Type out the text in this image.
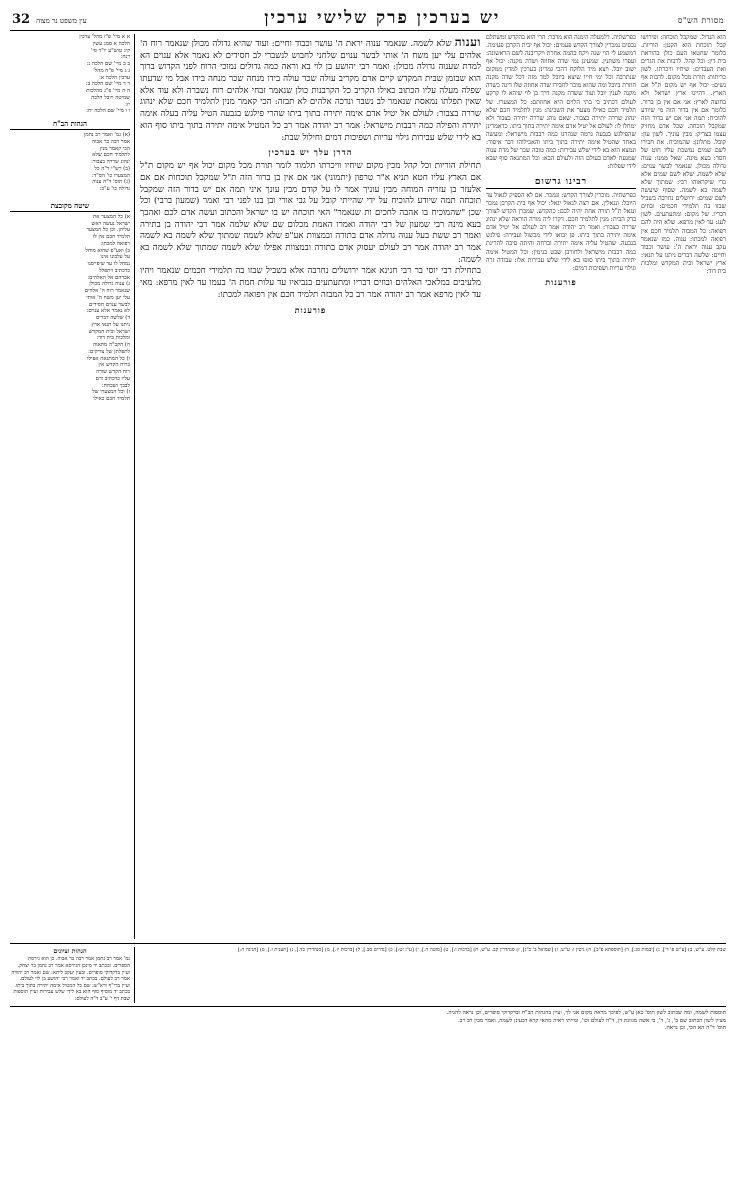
32 עין משפט נר מצוה	יש בערכין פרק שלישי ערכין	מסורת הש"ס
הוא הגדול. שמקבל תוכחה: ופירושו קבל תוכחת הוא הקטן: הוריות. כלומר שחטאו העם כולן בהוראת בית דין: וכל קהל. לרבות את הגרים ואת העבדים: שיחיו וויכרתו. לשון כריתות: תורת מכל מקום. לרבות אף נשים: יכול אף יש מקום ת"ל אם הארץ. דהיינו ארץ ישראל ולא בחוצה לארץ: אני אם אין בן ברור. כלומר אם אין בדור הזה מי שיודע להוכיח: תמה אני אם יש בדור הזה שמקבל תוכחה. שכל אדם מחזיק עצמו בצדיק: מבין עוניך. לשון עון: קובל. מתלונן: שהמוכיח. את חבירו לשם שמים נמשכת עליו חוט של חסד: בעא מינה. שאל ממנו: ענוה גדולה מכולן. שנאמר לבשר ענוים: שלא לשמה. שלא לשם שמים אלא כדי שיקראוהו רבי: שמתוך שלא לשמה בא לשמה. שסוף שיעשה לשם שמים: ירושלים נחרבה בשביל שבזו בה תלמידי חכמים: ובוזים דבריו. של מקום: ומתעתעים. לשון לעג: עד לאין מרפא. שלא היה להם רפואה: כל המבזה תלמיד חכם אין רפואה למכתו: ענוה. כמו שנאמר עקב ענוה יראת ה': עושר וכבוד וחיים: שלשה דברים ניתנו על תנאי: ארץ ישראל ובית המקדש ומלכות בית דוד:
כפרשתיה. דלמעלה הימנה הוא מדבר: הרי הוא כהקדש ומשתלם נכסים נמכרין לצורך הקדש פעמים: יכול אף יבית הקרבן פעימה. דמשמע לי הוי שנה ויקח בהמה אחרת ויקריבנה לשם הראשונה: ועפרו משתנין. שמעינן נמי שדה אחוזה ושדה מקנה: יכול אף ישוב יובל. ויצא מיד הלוקח דהכי גמרינן בערכין למדין ממקום שנתרבה וכל ימי חייו שיצא ביובל למד מזה דכל שדה מקנה חוזרת ביובל ומה שהוא מוכר לחבירו שדה אחוזה שלו דינה כשדה מקנה לענין יובל ועוד ששדה מקנה דרך בן לוי שיהא לו קרקע לעולם דכתיב כי בתי הלוים היא אחוזתם: כל המצערו. של תלמיד חכם כאילו מצער את השכינה: מנין לתלמיד חכם שלא ינהוג שררה יתירה בצבור. שאם נוהג שררה יתירה בצבור ולא ימחלו לו: לעולם אל יטיל אדם אימה יתירה בתוך ביתו. כדאמרינן שהפילגש בגבעה גרמה שנהרגו כמה רבבות מישראל: ומעשה באחד שהטיל אימה יתירה בתוך ביתו והאכילוהו דבר איסור: ונמצא הוא בא לידי שלש עבירות: כמה טובה שכר של מדת ענוה שמגעת לאדם בעולם הזה ולעולם הבא: וכל המתגאה סוף שבא לידי שפלות:
רבינו גרשום
כפרשתיה. מוכרין לצורך הקדש: ונמכר. אם לא הספיק לגאול עד היובל: ונגאלין. אם רצה לגאול יגאל: יכול אף בית הקרבן נמכר ונגאל ת"ל תורה אחת יהיה לכם: כהקדש. שמכרן הקדש לצורך בדק הבית: מנין לתלמיד חכם. דקרו ליה מורה הוראה שלא ינהוג שררה בצבור: ואמר רב יהודה אמר רב לעולם אל יטיל אדם אימה יתירה בתוך ביתו. פן יבואו לידי מכשול ועבירה: פילגש בגבעה. שהטיל עליה אימה יתירה וברחה והיתה סיבה להריגת כמה רבבות מישראל ולחורבן שבט בנימין: וכל המטיל אימה יתירה בתוך ביתו סופו בא לידי שלש עבירות אלו: עבודה זרה וגילוי עריות ושפיכות דמים:
פורענות
וענוה שלא לשמה. שנאמר ענוה יראת ה' עושר וכבוד וחיים: ועוד שהיא גדולה מכולן שנאמר רוח ה' אלהים עלי יען משח ה' אותי לבשר ענוים שלחני לחבוש לנשברי לב חסידים לא נאמר אלא ענוים הא למדת שענוה גדולה מכולן: ואמר רבי יהושע בן לוי בא וראה כמה גדולים נמוכי הרוח לפני הקדוש ברוך הוא שבזמן שבית המקדש קיים אדם מקריב עולה שכר עולה בידו מנחה שכר מנחה בידו אבל מי שדעתו שפלה מעלה עליו הכתוב כאילו הקריב כל הקרבנות כולן שנאמר זבחי אלהים רוח נשברה ולא עוד אלא שאין תפלתו נמאסת שנאמר לב נשבר ונדכה אלהים לא תבזה: הכי קאמר מנין לתלמיד חכם שלא ינהוג שררה בצבור: לעולם אל יטיל אדם אימה יתירה בתוך ביתו שהרי פילגש בגבעה הטיל עליה בעלה אימה יתירה והפילה כמה רבבות מישראל: אמר רב יהודה אמר רב כל המטיל אימה יתירה בתוך ביתו סוף הוא בא לידי שלש עבירות גילוי עריות ושפיכות דמים וחילול שבת:
הדרן עלך יש בערכין
תחילת הוריות וכל קהל מכין מקום שיחיו וויכרתו תלמוד לומר תורת מכל מקום יכול אף יש מקום ת"ל אם הארץ עליו חטא תניא א"ר טרפון (יתמוני) אני אם אין בן ברור הזה ת"ל שמקבל תוכחות אם אם אלעזר בן עזריה המוחה מבין עוניך אמר לו על קודם מבין עונך איני תמה אם יש בדור הזה שמקבל תוכחה תמה שיודע להוכיח על ידי שהייתי קובל על גבי אורי ובן בנו לפני רבי ואמר (שמעון ברבי) וכל שכן "שהמוכיח בו אהבה לחכים ות שנאמר" האי תוכחה יש בו ישראל והכתוב ועשה אדם לכם ואהבך בעא מינה רבי שמעון של רבי יהודה ואמרו האמת מכלום שם שלא שלמה אמר רבי יהודה בן בתירה ואמר רב ששת בעל ענוה גדולה אדם בתורה ובמצוות אע"פ שלא לשמה שמתוך שלא לשמה בא לשמה אמר רב יהודה אמר רב לעולם יעסוק אדם בתורה ובמצוות אפילו שלא לשמה שמתוך שלא לשמה בא לשמה:
בתחילת רבי יוסי בר רבי חנינא אמר ירושלים נחרבה אלא בשביל שבזו בה תלמידי חכמים שנאמר ויהיו מלעיבים במלאכי האלהים ובוזים דבריו ומתעתעים בנביאיו עד עלות חמת ה' בעמו עד לאין מרפא: מאי עד לאין מרפא אמר רב יהודה אמר רב כל המבזה תלמיד חכם אין רפואה למכתו:
פורענות
א א מיי' פ"ז מהל' ערכין
הלכה א סמג עשין
קיג טוש"ע יו"ד סי'
רנח:
ב ב מיי' שם הלכה ג:
ג ג מיי' פ"ח מהל'
ערכין הלכה א:
ד ד מיי' שם הלכה ב:
ה ה מיי' פ"ג מהלכות
שמיטה ויובל הלכה
יז:
ו ו מיי' שם הלכה יח:
הגהות הב"ח
(א) גמ' ואמר רב נחמן
אמר רבה בר אבוה
הכי קאמר מנין
לתלמיד חכם שלא
ינהוג שררה בצבור:
(ב) רש"י ד"ה כל
המצערו כו' הס"ד:
(ג) תוס' ד"ה ענוה
גדולה כו' ע"כ:
שיטה מקובצת
א) כל המצער את
ישראל נעשה ראש
עליהן. וכן כל המצער
תלמיד חכם אין לו
רפואה למכתו:
ב) ואע"פ שהוא מוחל
על עלבונו אינו
נמחל לו עד שיפייסנו
כדכתיב ויתפלל
אברהם אל האלהים:
ג) ענוה גדולה מכולן
שנאמר רוח ה' אלהים
עלי יען משח ה' אותי
לבשר ענוים חסידים
לא נאמר אלא ענוים:
ד) שלשה דברים
ניתנו על תנאי ארץ
ישראל ובית המקדש
ומלכות בית דוד:
ה) הקב"ה מתאוה
לתפלתן של צדיקים:
ו) כל המתגאה אפילו
ברוח הקדש אין
רוח הקדש שורה
עליו כדכתיב ורם
לבבך ושכחת:
ז) וכל המצערו של
תלמיד חכם כאילו
שבת קלט. ע"ש, ב) [ע"ש פ' ד'], ג) [יבמות סג.], ד) [תוספתא פ"ב], ה) גיטין ו: ע"ש, ו) [שמואל ב' כ"ג], ז) סנהדרין קב. ע"ש, ח) [ברכות ו:], ט) [סוטה ה.], י) [ע"ז יט:], כ) [נדרים סב.], ל) [ברכות יז.], מ) [סנהדרין כד.], נ) [תענית ז.], ס) [חגיגה ה:]
הגהות וציונים
גמ' אמר רב נחמן אמר רבה בר אבוה. כן הוא גירסת הספרים. ובכתב יד מינכן הגירסא אמר רב נחמן בר יצחק. ועיין בדקדוקי סופרים. ובעין יעקב ליתא: שם ואמר רב יהודה אמר רב לעולם. בכתב יד ואמר רבי יהושע בן לוי לעולם. ועיין ברי"ף ורא"ש: שם כל המטיל אימה יתירה בתוך ביתו. בכתב יד מוסיף סוף הוא בא לידי שלש עבירות ועיין תוספות שבת דף י' ע"ב ד"ה לעולם:
תוספות לשמה, ומה שכתוב לשון תוס' כאן ע"ש, לפיכך מראה מקום אני לך, ועיין בהגהות הב"ח ובדקדוקי סופרים, וכן נראה להגיה.
מציין לשון הכתוב שם ב', ג', ד', כי אשה מגוונת דן, ד"ה לעולם וכו', ומייתי ראיה מהאי קרא דבעינן לשמה, ואמר מבין רב רב.
תוס' ד"ה הא הכי, וכן נראה.
